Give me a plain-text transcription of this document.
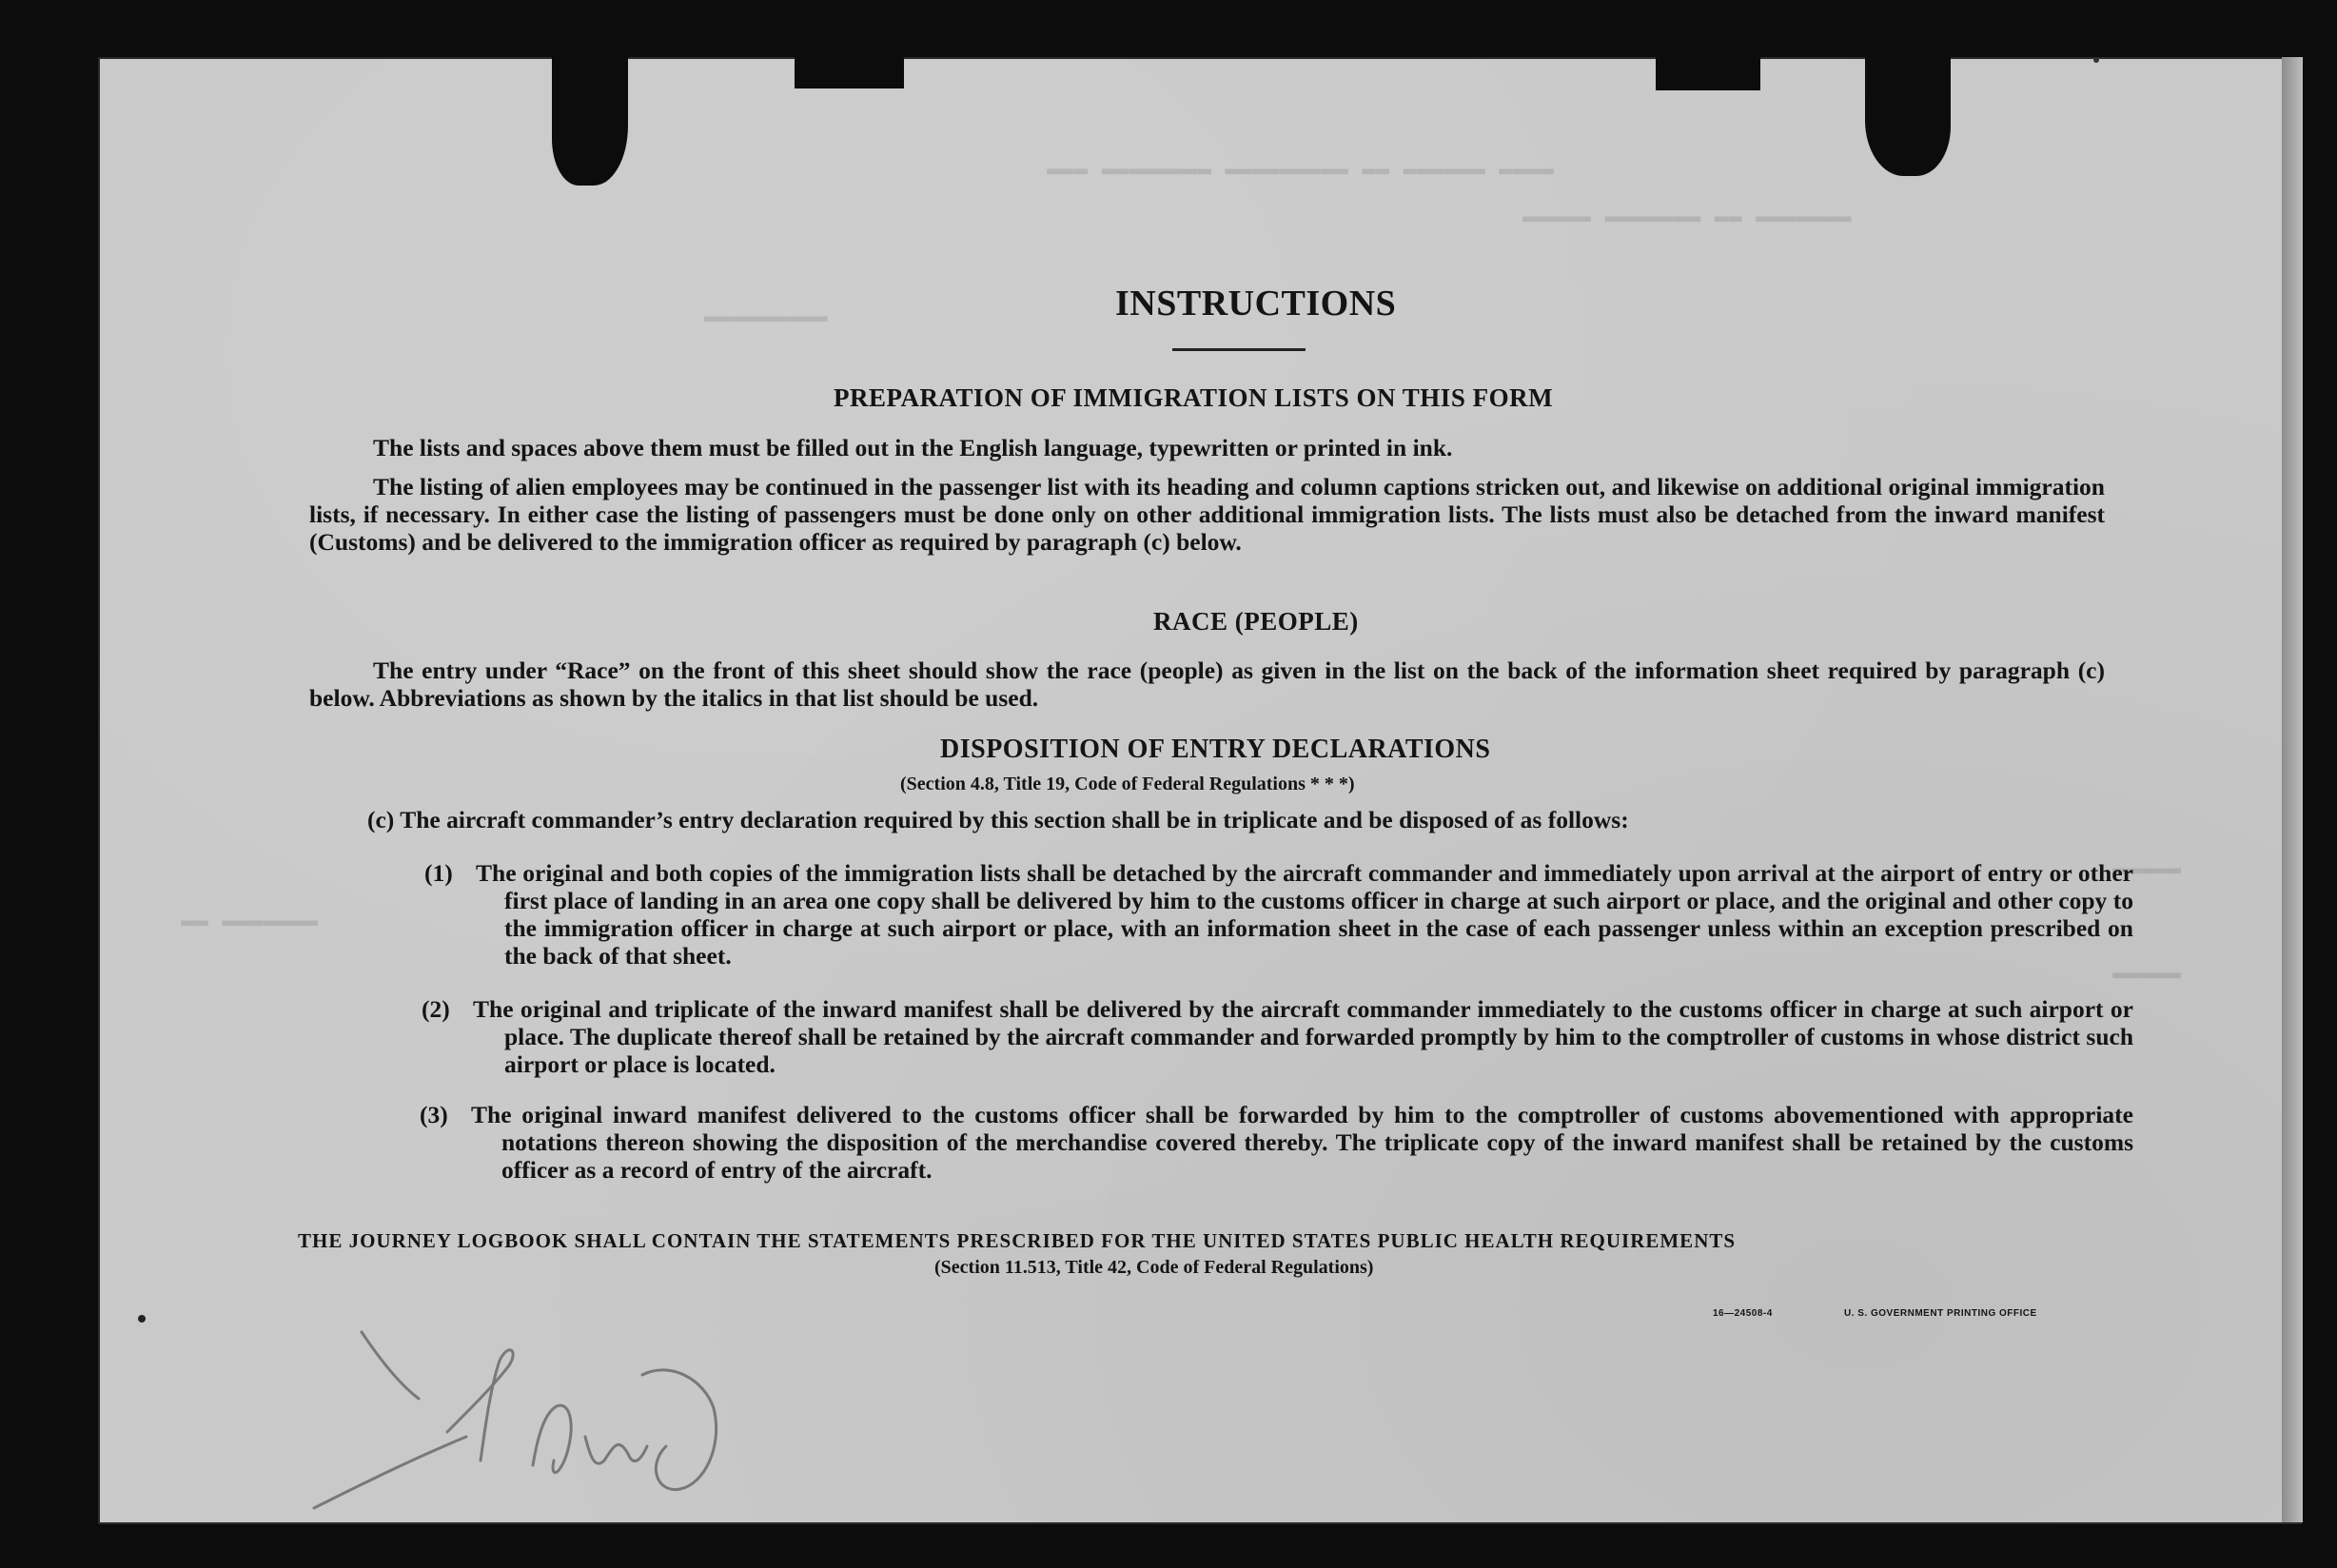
▬▬▬▬ ▬▬▬▬▬▬ ▬▬ ▬▬▬▬▬▬▬▬▬ ▬▬▬▬▬▬▬▬ ▬▬▬
▬▬▬▬▬▬▬ ▬▬ ▬▬▬▬▬▬▬ ▬▬▬▬▬
▬▬▬▬▬▬▬▬▬
▬▬▬▬▬▬▬ ▬▬
▬▬▬▬▬
▬▬▬▬▬
INSTRUCTIONS
PREPARATION OF IMMIGRATION LISTS ON THIS FORM
The lists and spaces above them must be filled out in the English language, typewritten or printed in ink.
The listing of alien employees may be continued in the passenger list with its heading and column captions stricken out, and likewise on additional original immigration lists, if necessary. In either case the listing of passengers must be done only on other additional immigration lists. The lists must also be detached from the inward manifest (Customs) and be delivered to the immigration officer as required by paragraph (c) below.
RACE (PEOPLE)
The entry under “Race” on the front of this sheet should show the race (people) as given in the list on the back of the information sheet required by paragraph (c) below. Abbreviations as shown by the italics in that list should be used.
DISPOSITION OF ENTRY DECLARATIONS
(Section 4.8, Title 19, Code of Federal Regulations * * *)
(c) The aircraft commander’s entry declaration required by this section shall be in triplicate and be disposed of as follows:
(1) The original and both copies of the immigration lists shall be detached by the aircraft commander and immediately upon arrival at the airport of entry or other first place of landing in an area one copy shall be delivered by him to the customs officer in charge at such airport or place, and the original and other copy to the immigration officer in charge at such airport or place, with an information sheet in the case of each passenger unless within an exception prescribed on the back of that sheet.
(2) The original and triplicate of the inward manifest shall be delivered by the aircraft commander immediately to the customs officer in charge at such airport or place. The duplicate thereof shall be retained by the aircraft commander and forwarded promptly by him to the comptroller of customs in whose district such airport or place is located.
(3) The original inward manifest delivered to the customs officer shall be forwarded by him to the comptroller of customs abovementioned with appropriate notations thereon showing the disposition of the merchandise covered thereby. The triplicate copy of the inward manifest shall be retained by the customs officer as a record of entry of the aircraft.
THE JOURNEY LOGBOOK SHALL CONTAIN THE STATEMENTS PRESCRIBED FOR THE UNITED STATES PUBLIC HEALTH REQUIREMENTS
(Section 11.513, Title 42, Code of Federal Regulations)
16—24508-4	U. S. GOVERNMENT PRINTING OFFICE
